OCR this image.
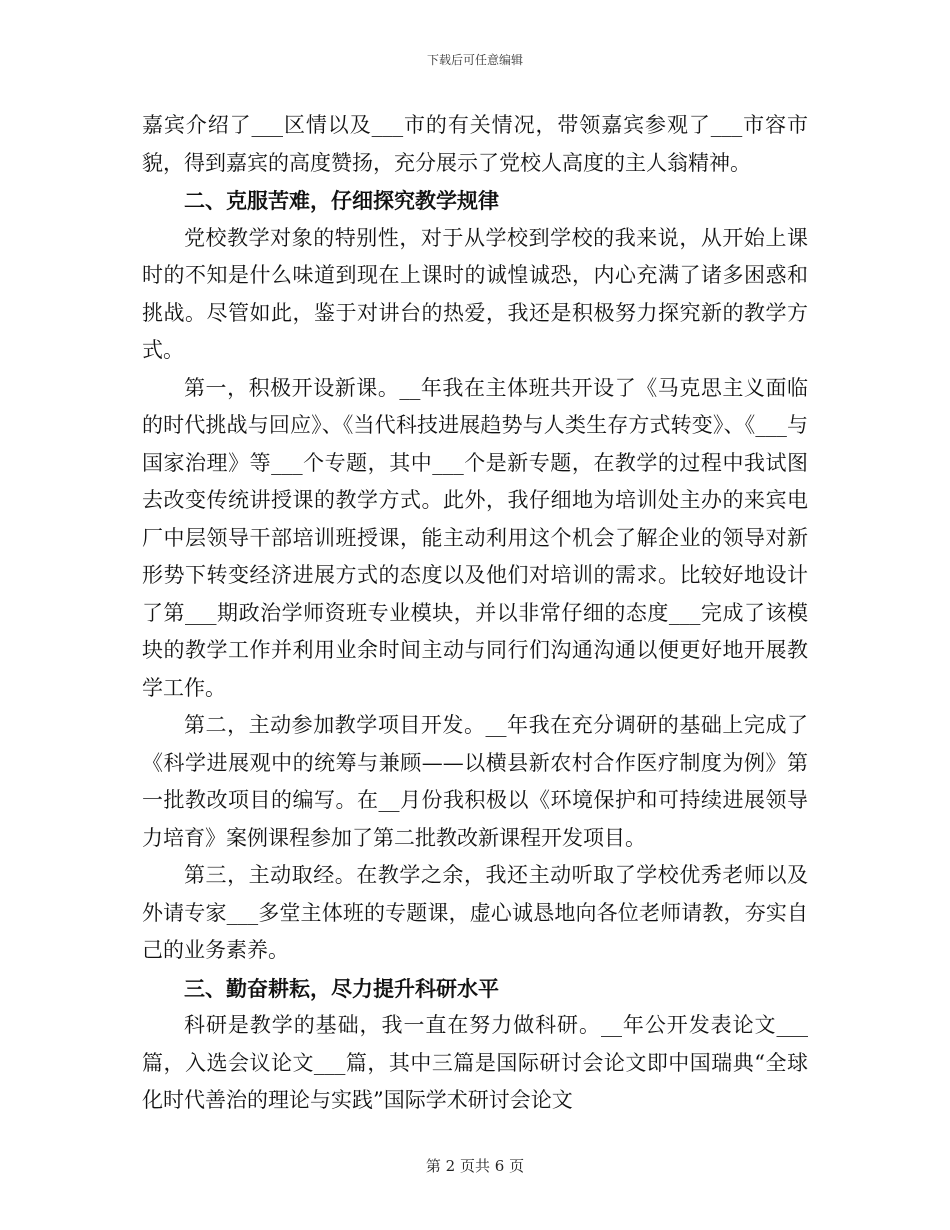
下载后可任意编辑

嘉宾介绍了___区情以及___市的有关情况，带领嘉宾参观了___市容市貌，得到嘉宾的高度赞扬，充分展示了党校人高度的主人翁精神。

二、克服苦难，仔细探究教学规律

党校教学对象的特别性，对于从学校到学校的我来说，从开始上课时的不知是什么味道到现在上课时的诚惶诚恐，内心充满了诸多困惑和挑战。尽管如此，鉴于对讲台的热爱，我还是积极努力探究新的教学方式。

第一，积极开设新课。__年我在主体班共开设了《马克思主义面临的时代挑战与回应》、《当代科技进展趋势与人类生存方式转变》、《___与国家治理》等___个专题，其中___个是新专题，在教学的过程中我试图去改变传统讲授课的教学方式。此外，我仔细地为培训处主办的来宾电厂中层领导干部培训班授课，能主动利用这个机会了解企业的领导对新形势下转变经济进展方式的态度以及他们对培训的需求。比较好地设计了第___期政治学师资班专业模块，并以非常仔细的态度___完成了该模块的教学工作并利用业余时间主动与同行们沟通沟通以便更好地开展教学工作。

第二，主动参加教学项目开发。__年我在充分调研的基础上完成了《科学进展观中的统筹与兼顾——以横县新农村合作医疗制度为例》第一批教改项目的编写。在__月份我积极以《环境保护和可持续进展领导力培育》案例课程参加了第二批教改新课程开发项目。

第三，主动取经。在教学之余，我还主动听取了学校优秀老师以及外请专家___多堂主体班的专题课，虚心诚恳地向各位老师请教，夯实自己的业务素养。

三、勤奋耕耘，尽力提升科研水平

科研是教学的基础，我一直在努力做科研。__年公开发表论文___篇，入选会议论文___篇，其中三篇是国际研讨会论文即中国瑞典“全球化时代善治的理论与实践”国际学术研讨会论文

第 2 页共 6 页
